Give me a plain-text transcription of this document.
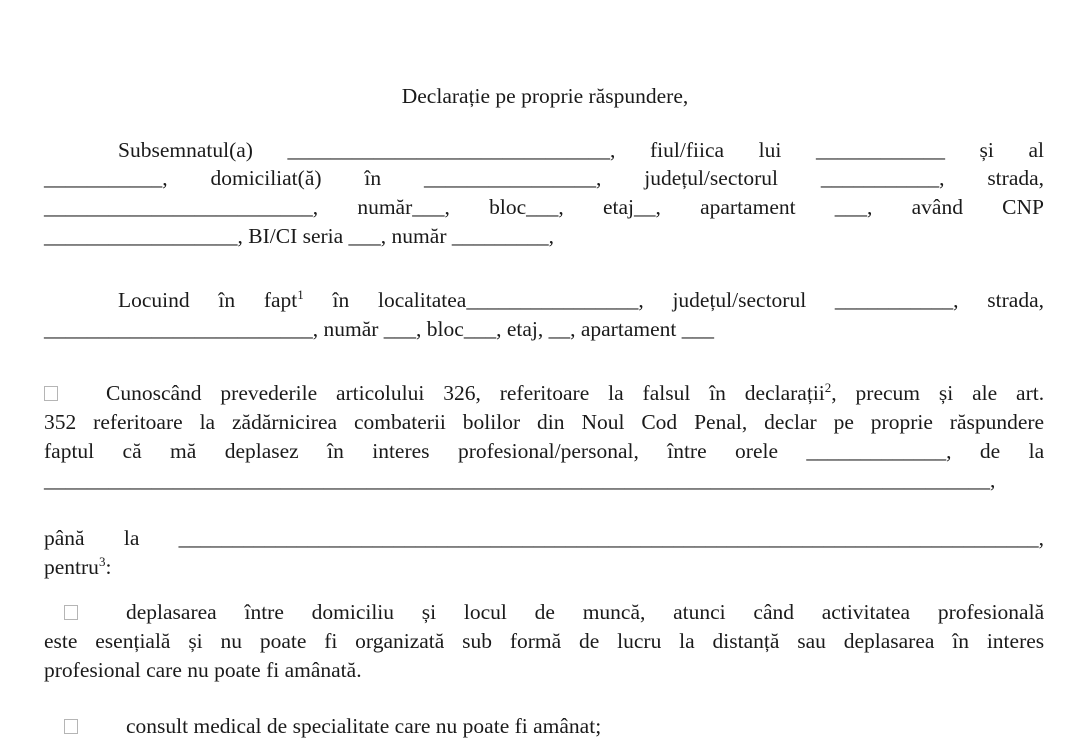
Declarație pe proprie răspundere,
Subsemnatul(a) ______________________________, fiul/fiica lui ____________ și al
___________, domiciliat(ă) în ________________, județul/sectorul ___________, strada,
_________________________, număr___, bloc___, etaj__, apartament ___, având CNP
__________________, BI/CI seria ___, număr _________,
Locuind în fapt$^1$ în localitatea________________, județul/sectorul ___________, strada,
_________________________, număr ___, bloc___, etaj, __, apartament ___
Cunoscând prevederile articolului 326, referitoare la falsul în declarații$^2$, precum și ale art.
352 referitoare la zădărnicirea combaterii bolilor din Noul Cod Penal, declar pe proprie răspundere
faptul că mă deplasez în interes profesional/personal, între orele _____________, de la
________________________________________________________________________________________,
până la ________________________________________________________________________________,
pentru$^3$:
deplasarea între domiciliu și locul de muncă, atunci când activitatea profesională
este esențială și nu poate fi organizată sub formă de lucru la distanță sau deplasarea în interes
profesional care nu poate fi amânată.
consult medical de specialitate care nu poate fi amânat;
